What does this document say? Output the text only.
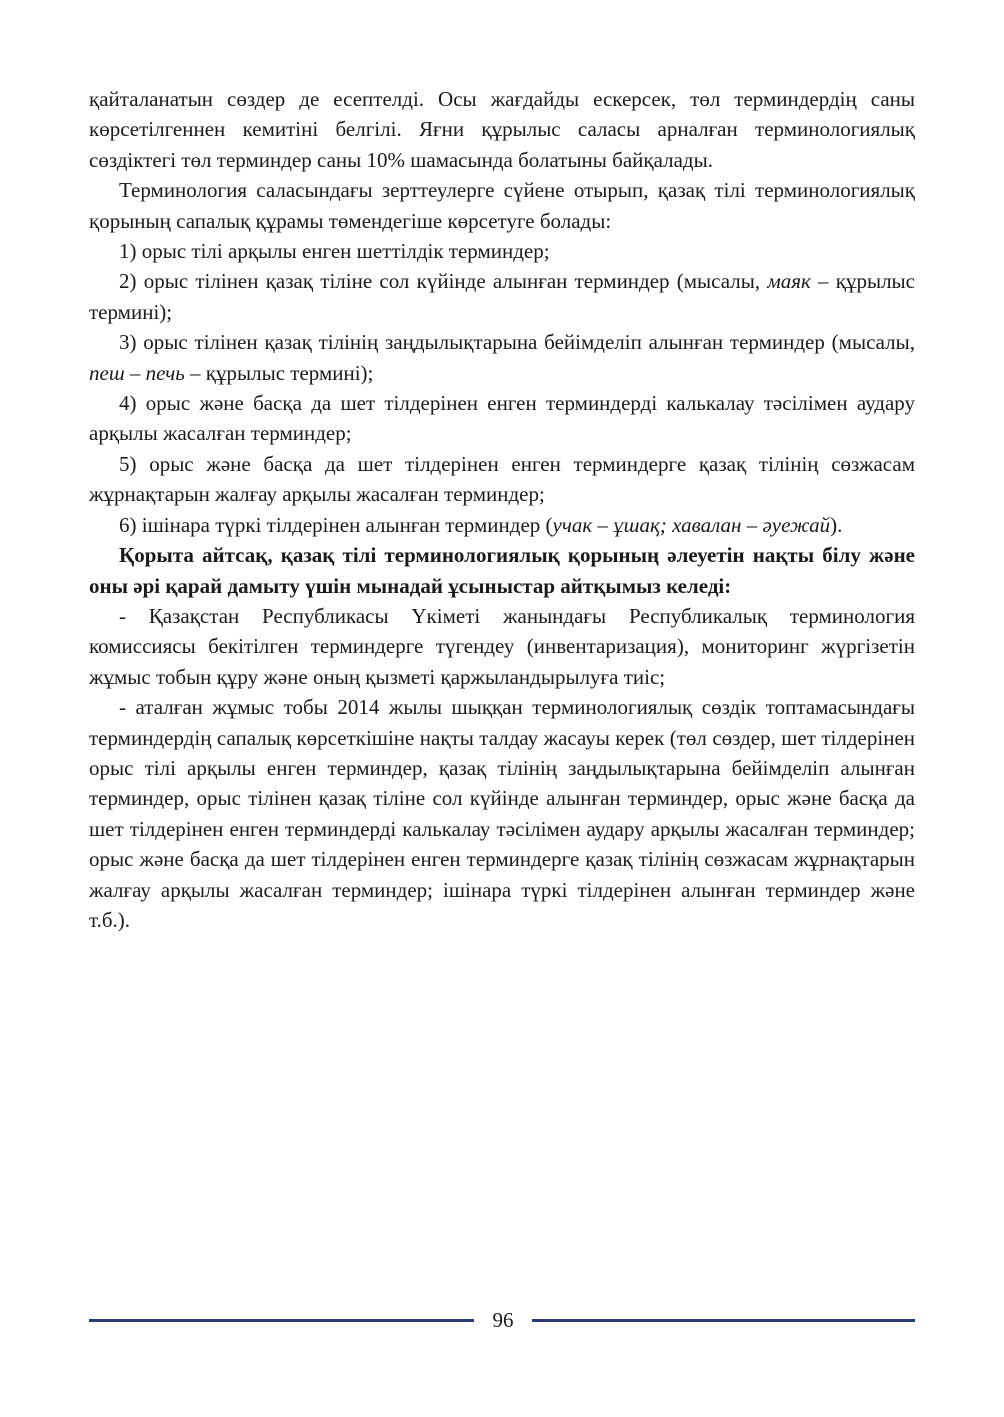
қайталанатын сөздер де есептелді. Осы жағдайды ескерсек, төл терминдердің саны көрсетілгеннен кемитіні белгілі. Яғни құрылыс саласы арналған терминологиялық сөздіктегі төл терминдер саны 10% шамасында болатыны байқалады.

Терминология саласындағы зерттеулерге сүйене отырып, қазақ тілі терминологиялық қорының сапалық құрамы төмендегіше көрсетуге болады:

1) орыс тілі арқылы енген шеттілдік терминдер;

2) орыс тілінен қазақ тіліне сол күйінде алынған терминдер (мысалы, маяк – құрылыс термині);

3) орыс тілінен қазақ тілінің заңдылықтарына бейімделіп алынған терминдер (мысалы, пеш – печь – құрылыс термині);

4) орыс және басқа да шет тілдерінен енген терминдерді калькалау тәсілімен аудару арқылы жасалған терминдер;

5) орыс және басқа да шет тілдерінен енген терминдерге қазақ тілінің сөзжасам жұрнақтарын жалғау арқылы жасалған терминдер;

6) ішінара түркі тілдерінен алынған терминдер (учак – ұшақ; хавалан – әуежай).

Қорыта айтсақ, қазақ тілі терминологиялық қорының әлеуетін нақты білу және оны әрі қарай дамыту үшін мынадай ұсыныстар айтқымыз келеді:

- Қазақстан Республикасы Үкіметі жанындағы Республикалық терминология комиссиясы бекітілген терминдерге түгендеу (инвентаризация), мониторинг жүргізетін жұмыс тобын құру және оның қызметі қаржыландырылуға тиіс;

- аталған жұмыс тобы 2014 жылы шыққан терминологиялық сөздік топтамасындағы терминдердің сапалық көрсеткішіне нақты талдау жасауы керек (төл сөздер, шет тілдерінен орыс тілі арқылы енген терминдер, қазақ тілінің заңдылықтарына бейімделіп алынған терминдер, орыс тілінен қазақ тіліне сол күйінде алынған терминдер, орыс және басқа да шет тілдерінен енген терминдерді калькалау тәсілімен аудару арқылы жасалған терминдер; орыс және басқа да шет тілдерінен енген терминдерге қазақ тілінің сөзжасам жұрнақтарын жалғау арқылы жасалған терминдер; ішінара түркі тілдерінен алынған терминдер және т.б.).

96
